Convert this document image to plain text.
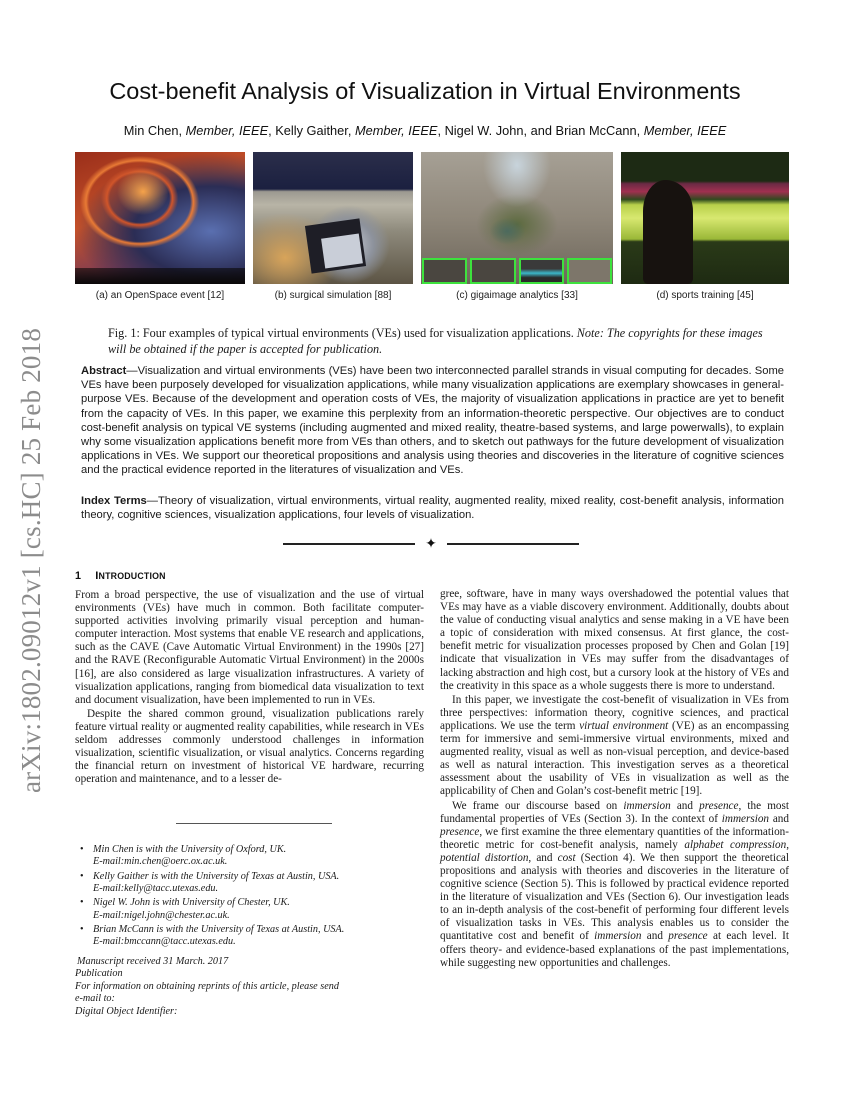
arXiv:1802.09012v1 [cs.HC] 25 Feb 2018
Cost-benefit Analysis of Visualization in Virtual Environments
Min Chen, Member, IEEE, Kelly Gaither, Member, IEEE, Nigel W. John, and Brian McCann, Member, IEEE
(a) an OpenSpace event [12]	(b) surgical simulation [88]	(c) gigaimage analytics [33]	(d) sports training [45]
Fig. 1: Four examples of typical virtual environments (VEs) used for visualization applications. Note: The copyrights for these images will be obtained if the paper is accepted for publication.
Abstract—Visualization and virtual environments (VEs) have been two interconnected parallel strands in visual computing for decades. Some VEs have been purposely developed for visualization applications, while many visualization applications are exemplary showcases in general-purpose VEs. Because of the development and operation costs of VEs, the majority of visualization applications in practice are yet to benefit from the capacity of VEs. In this paper, we examine this perplexity from an information-theoretic perspective. Our objectives are to conduct cost-benefit analysis on typical VE systems (including augmented and mixed reality, theatre-based systems, and large powerwalls), to explain why some visualization applications benefit more from VEs than others, and to sketch out pathways for the future development of visualization applications in VEs. We support our theoretical propositions and analysis using theories and discoveries in the literature of cognitive sciences and the practical evidence reported in the literatures of visualization and VEs.
Index Terms—Theory of visualization, virtual environments, virtual reality, augmented reality, mixed reality, cost-benefit analysis, information theory, cognitive sciences, visualization applications, four levels of visualization.
✦
1 INTRODUCTION

From a broad perspective, the use of visualization and the use of virtual environments (VEs) have much in common. Both facilitate computer-supported activities involving primarily visual perception and human-computer interaction. Most systems that enable VE research and applications, such as the CAVE (Cave Automatic Virtual Environment) in the 1990s [27] and the RAVE (Reconfigurable Automatic Virtual Environment) in the 2000s [16], are also considered as large visualization infrastructures. A variety of visualization applications, ranging from biomedical data visualization to text and document visualization, have been implemented to run in VEs.

Despite the shared common ground, visualization publications rarely feature virtual reality or augmented reality capabilities, while research in VEs seldom addresses commonly understood challenges in information visualization, scientific visualization, or visual analytics. Concerns regarding the financial return on investment of historical VE hardware, recurring operation and maintenance, and to a lesser de-

• Min Chen is with the University of Oxford, UK.
E-mail:min.chen@oerc.ox.ac.uk.
• Kelly Gaither is with the University of Texas at Austin, USA.
E-mail:kelly@tacc.utexas.edu.
• Nigel W. John is with University of Chester, UK.
E-mail:nigel.john@chester.ac.uk.
• Brian McCann is with the University of Texas at Austin, USA.
E-mail:bmccann@tacc.utexas.edu.
Manuscript received 31 March. 2017
Publication
For information on obtaining reprints of this article, please send
e-mail to:
Digital Object Identifier:

gree, software, have in many ways overshadowed the potential values that VEs may have as a viable discovery environment. Additionally, doubts about the value of conducting visual analytics and sense making in a VE have been a topic of consideration with mixed consensus. At first glance, the cost-benefit metric for visualization processes proposed by Chen and Golan [19] indicate that visualization in VEs may suffer from the disadvantages of lacking abstraction and high cost, but a cursory look at the history of VEs and the creativity in this space as a whole suggests there is more to understand.

In this paper, we investigate the cost-benefit of visualization in VEs from three perspectives: information theory, cognitive sciences, and practical applications. We use the term virtual environment (VE) as an encompassing term for immersive and semi-immersive virtual environments, mixed and augmented reality, visual as well as non-visual perception, and device-based as well as natural interaction. This investigation serves as a theoretical assessment about the usability of VEs in visualization as well as the applicability of Chen and Golan’s cost-benefit metric [19].

We frame our discourse based on immersion and presence, the most fundamental properties of VEs (Section 3). In the context of immersion and presence, we first examine the three elementary quantities of the information-theoretic metric for cost-benefit analysis, namely alphabet compression, potential distortion, and cost (Section 4). We then support the theoretical propositions and analysis with theories and discoveries in the literature of cognitive science (Section 5). This is followed by practical evidence reported in the literature of visualization and VEs (Section 6). Our investigation leads to an in-depth analysis of the cost-benefit of performing four different levels of visualization tasks in VEs. This analysis enables us to consider the quantitative cost and benefit of immersion and presence at each level. It offers theory- and evidence-based explanations of the past implementations, while suggesting new opportunities and challenges.
